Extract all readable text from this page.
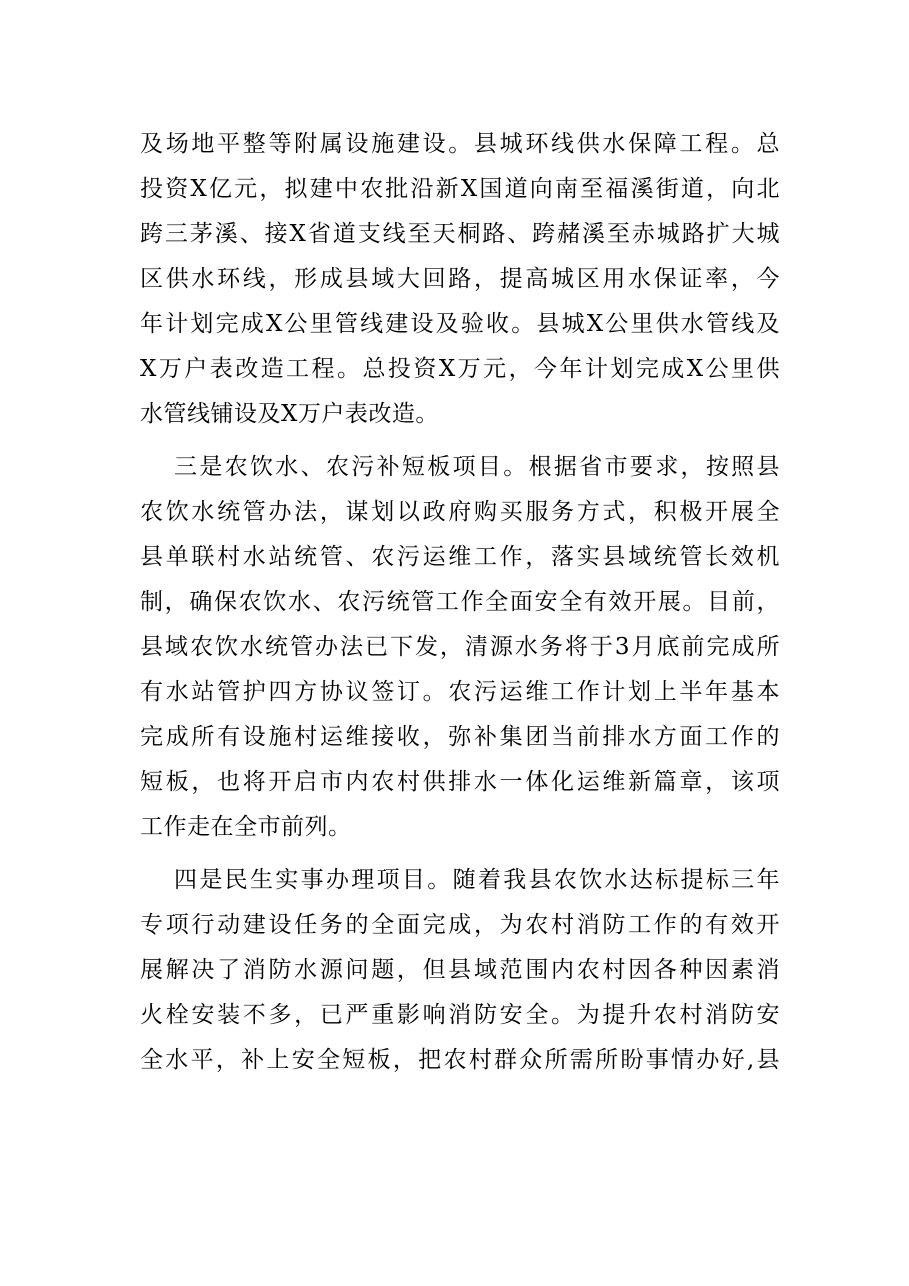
及场地平整等附属设施建设。县城环线供水保障工程。总
投资X亿元，拟建中农批沿新X国道向南至福溪街道，向北
跨三茅溪、接X省道支线至天桐路、跨赭溪至赤城路扩大城
区供水环线，形成县域大回路，提高城区用水保证率，今
年计划完成X公里管线建设及验收。县城X公里供水管线及
X万户表改造工程。总投资X万元，今年计划完成X公里供
水管线铺设及X万户表改造。
三是农饮水、农污补短板项目。根据省市要求，按照县
农饮水统管办法，谋划以政府购买服务方式，积极开展全
县单联村水站统管、农污运维工作，落实县域统管长效机
制，确保农饮水、农污统管工作全面安全有效开展。目前，
县域农饮水统管办法已下发，清源水务将于3月底前完成所
有水站管护四方协议签订。农污运维工作计划上半年基本
完成所有设施村运维接收，弥补集团当前排水方面工作的
短板，也将开启市内农村供排水一体化运维新篇章，该项
工作走在全市前列。
四是民生实事办理项目。随着我县农饮水达标提标三年
专项行动建设任务的全面完成，为农村消防工作的有效开
展解决了消防水源问题，但县域范围内农村因各种因素消
火栓安装不多，已严重影响消防安全。为提升农村消防安
全水平，补上安全短板，把农村群众所需所盼事情办好,县
